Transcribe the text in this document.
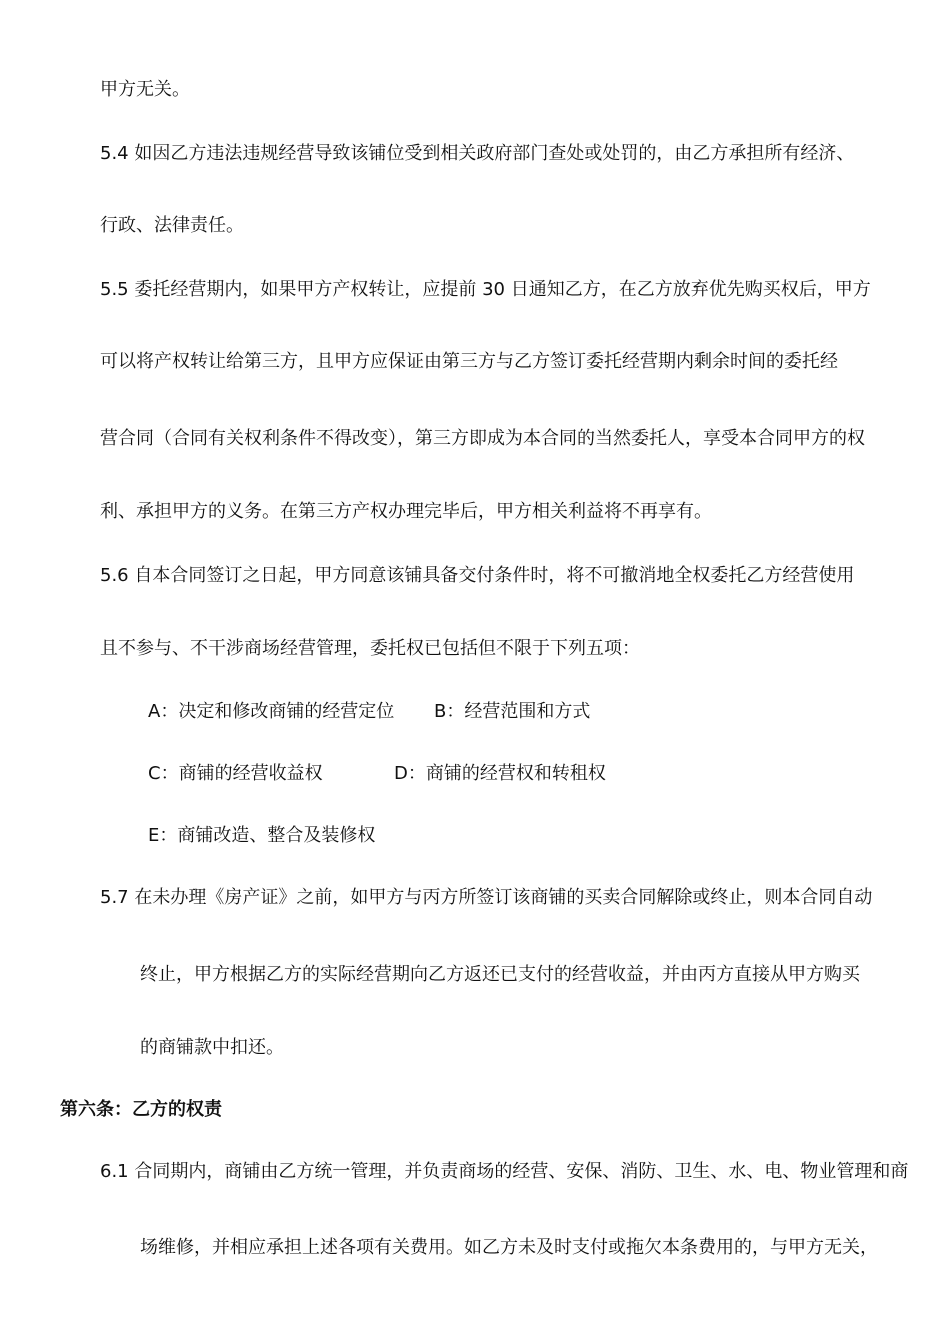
甲方无关。

5.4 如因乙方违法违规经营导致该铺位受到相关政府部门查处或处罚的，由乙方承担所有经济、

行政、法律责任。

5.5 委托经营期内，如果甲方产权转让，应提前 30 日通知乙方，在乙方放弃优先购买权后，甲方

可以将产权转让给第三方，且甲方应保证由第三方与乙方签订委托经营期内剩余时间的委托经

营合同（合同有关权利条件不得改变），第三方即成为本合同的当然委托人，享受本合同甲方的权

利、承担甲方的义务。在第三方产权办理完毕后，甲方相关利益将不再享有。

5.6 自本合同签订之日起，甲方同意该铺具备交付条件时，将不可撤消地全权委托乙方经营使用

且不参与、不干涉商场经营管理，委托权已包括但不限于下列五项：

A：决定和修改商铺的经营定位 B：经营范围和方式

C：商铺的经营收益权	D：商铺的经营权和转租权

E：商铺改造、整合及装修权

5.7 在未办理《房产证》之前，如甲方与丙方所签订该商铺的买卖合同解除或终止，则本合同自动

终止，甲方根据乙方的实际经营期向乙方返还已支付的经营收益，并由丙方直接从甲方购买

的商铺款中扣还。

第六条：乙方的权责

6.1 合同期内，商铺由乙方统一管理，并负责商场的经营、安保、消防、卫生、水、电、物业管理和商

场维修，并相应承担上述各项有关费用。如乙方未及时支付或拖欠本条费用的，与甲方无关，
